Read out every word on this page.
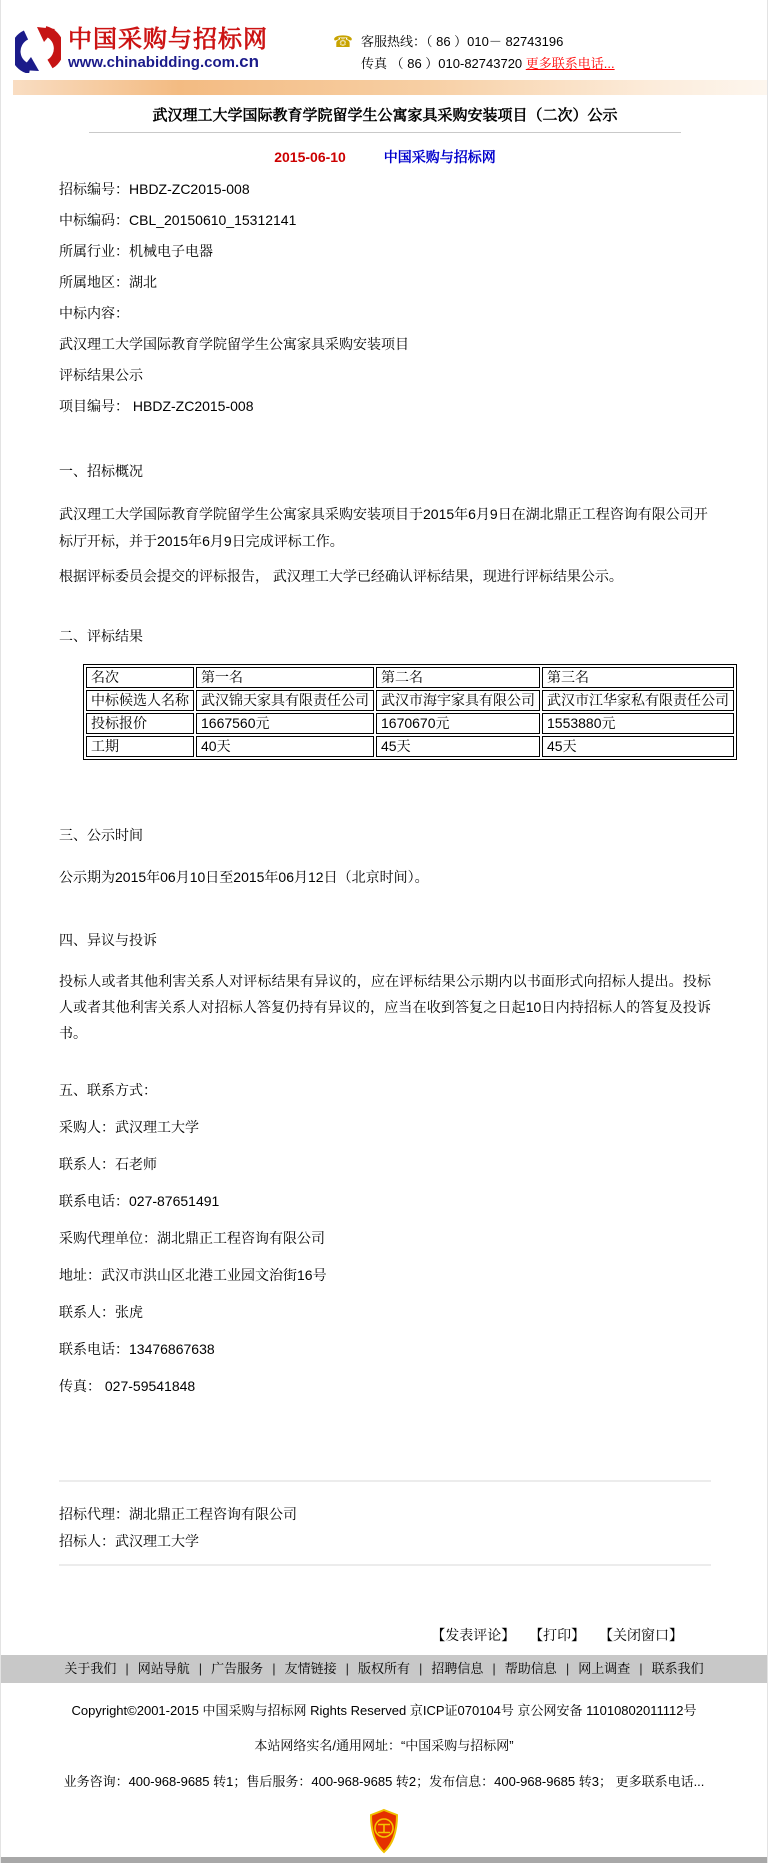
中国采购与招标网
www.chinabidding.com.cn
☎ 客服热线：（ 86 ）010－ 82743196
传真 （ 86 ）010-82743720 更多联系电话...
武汉理工大学国际教育学院留学生公寓家具采购安装项目（二次）公示
2015-06-10	中国采购与招标网
招标编号：HBDZ-ZC2015-008
中标编码：CBL_20150610_15312141
所属行业：机械电子电器
所属地区：湖北
中标内容：
武汉理工大学国际教育学院留学生公寓家具采购安装项目
评标结果公示
项目编号： HBDZ-ZC2015-008
一、招标概况

武汉理工大学国际教育学院留学生公寓家具采购安装项目于2015年6月9日在湖北鼎正工程咨询有限公司开标厅开标，并于2015年6月9日完成评标工作。

根据评标委员会提交的评标报告， 武汉理工大学已经确认评标结果，现进行评标结果公示。

二、评标结果
名次	第一名	第二名	第三名
中标候选人名称	武汉锦天家具有限责任公司	武汉市海宇家具有限公司	武汉市江华家私有限责任公司
投标报价	1667560元	1670670元	1553880元
工期	40天	45天	45天
三、公示时间

公示期为2015年06月10日至2015年06月12日（北京时间）。

四、异议与投诉

投标人或者其他利害关系人对评标结果有异议的，应在评标结果公示期内以书面形式向招标人提出。投标人或者其他利害关系人对招标人答复仍持有异议的，应当在收到答复之日起10日内持招标人的答复及投诉书。

五、联系方式：
采购人：武汉理工大学
联系人：石老师
联系电话：027-87651491
采购代理单位：湖北鼎正工程咨询有限公司
地址：武汉市洪山区北港工业园文治街16号
联系人：张虎
联系电话：13476867638
传真： 027-59541848
招标代理：湖北鼎正工程咨询有限公司
招标人：武汉理工大学
【发表评论】 【打印】 【关闭窗口】
关于我们 | 网站导航 | 广告服务 | 友情链接 | 版权所有 | 招聘信息 | 帮助信息 | 网上调查 | 联系我们
Copyright©2001-2015 中国采购与招标网 Rights Reserved 京ICP证070104号 京公网安备 11010802011112号
本站网络实名/通用网址：“中国采购与招标网”
业务咨询：400-968-9685 转1；售后服务：400-968-9685 转2；发布信息：400-968-9685 转3； 更多联系电话...
